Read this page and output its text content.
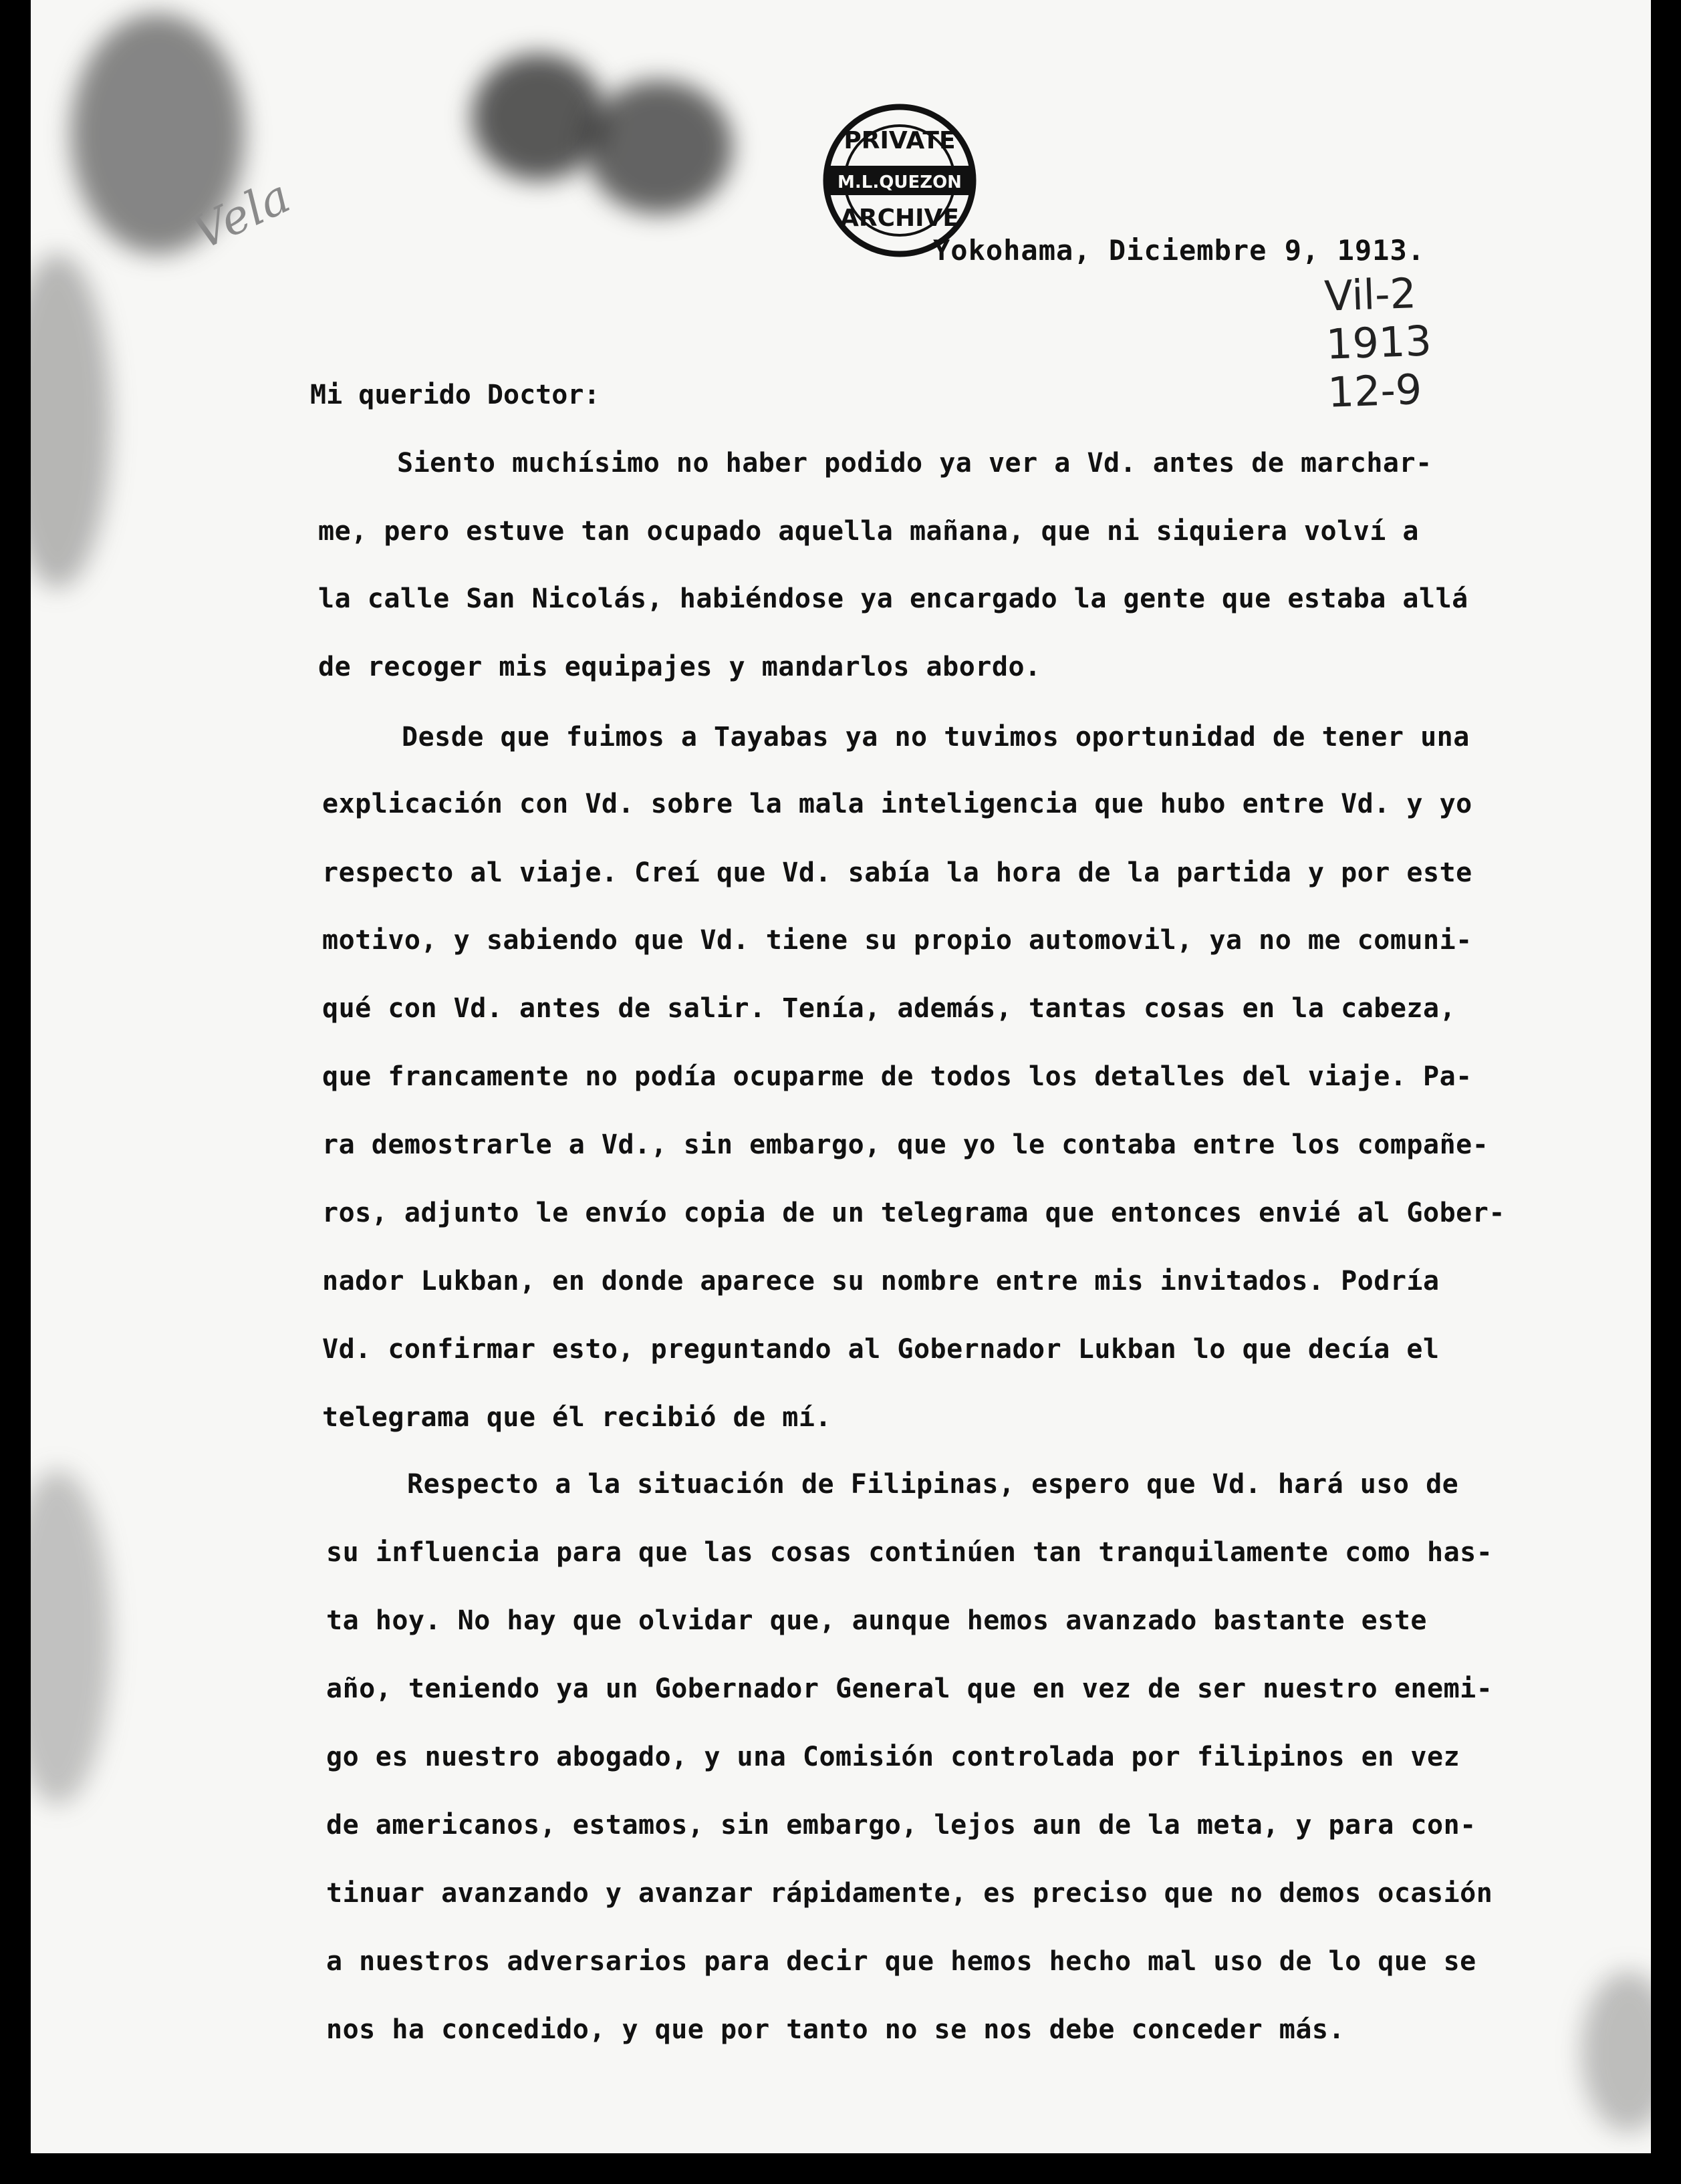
Vela
PRIVATE
M.L.QUEZON
ARCHIVE
Yokohama, Diciembre 9, 1913.
Vil-2
1913
12-9
Mi querido Doctor:
Siento muchísimo no haber podido ya ver a Vd. antes de marchar-
me, pero estuve tan ocupado aquella mañana, que ni siquiera volví a
la calle San Nicolás, habiéndose ya encargado la gente que estaba allá
de recoger mis equipajes y mandarlos abordo.
Desde que fuimos a Tayabas ya no tuvimos oportunidad de tener una
explicación con Vd. sobre la mala inteligencia que hubo entre Vd. y yo
respecto al viaje. Creí que Vd. sabía la hora de la partida y por este
motivo, y sabiendo que Vd. tiene su propio automovil, ya no me comuni-
qué con Vd. antes de salir. Tenía, además, tantas cosas en la cabeza,
que francamente no podía ocuparme de todos los detalles del viaje. Pa-
ra demostrarle a Vd., sin embargo, que yo le contaba entre los compañe-
ros, adjunto le envío copia de un telegrama que entonces envié al Gober-
nador Lukban, en donde aparece su nombre entre mis invitados. Podría
Vd. confirmar esto, preguntando al Gobernador Lukban lo que decía el
telegrama que él recibió de mí.
Respecto a la situación de Filipinas, espero que Vd. hará uso de
su influencia para que las cosas continúen tan tranquilamente como has-
ta hoy. No hay que olvidar que, aunque hemos avanzado bastante este
año, teniendo ya un Gobernador General que en vez de ser nuestro enemi-
go es nuestro abogado, y una Comisión controlada por filipinos en vez
de americanos, estamos, sin embargo, lejos aun de la meta, y para con-
tinuar avanzando y avanzar rápidamente, es preciso que no demos ocasión
a nuestros adversarios para decir que hemos hecho mal uso de lo que se
nos ha concedido, y que por tanto no se nos debe conceder más.
